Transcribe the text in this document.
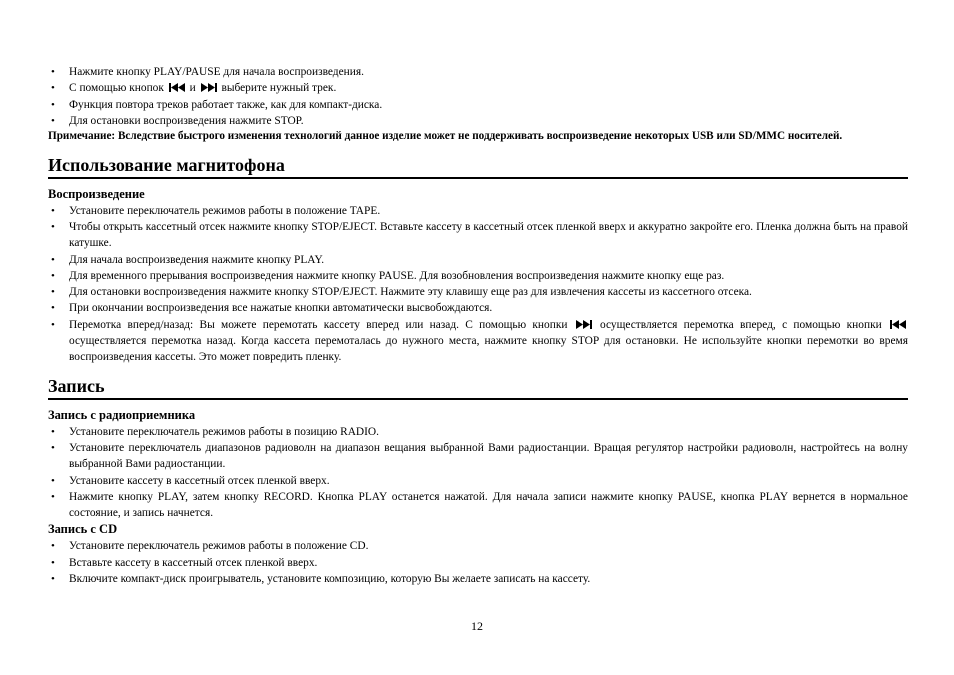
• Нажмите кнопку PLAY/PAUSE для начала воспроизведения.
• С помощью кнопок и выберите нужный трек.
• Функция повтора треков работает также, как для компакт-диска.
• Для остановки воспроизведения нажмите STOP.
Примечание: Вследствие быстрого изменения технологий данное изделие может не поддерживать воспроизведение некоторых USB или SD/MMC носителей.
Использование магнитофона
Воспроизведение
• Установите переключатель режимов работы в положение TAPE.
• Чтобы открыть кассетный отсек нажмите кнопку STOP/EJECT. Вставьте кассету в кассетный отсек пленкой вверх и аккуратно закройте его. Пленка должна быть на правой катушке.
• Для начала воспроизведения нажмите кнопку PLAY.
• Для временного прерывания воспроизведения нажмите кнопку PAUSE. Для возобновления воспроизведения нажмите кнопку еще раз.
• Для остановки воспроизведения нажмите кнопку STOP/EJECT. Нажмите эту клавишу еще раз для извлечения кассеты из кассетного отсека.
• При окончании воспроизведения все нажатые кнопки автоматически высвобождаются.
• Перемотка вперед/назад: Вы можете перемотать кассету вперед или назад. С помощью кнопки	осуществляется перемотка вперед, с помощью кнопки  осуществляется перемотка назад. Когда кассета перемоталась до нужного места, нажмите кнопку STOP для остановки. Не используйте кнопки перемотки во время воспроизведения кассеты. Это может повредить пленку.
Запись
Запись с радиоприемника
• Установите переключатель режимов работы в позицию RADIO.
• Установите переключатель диапазонов радиоволн на диапазон вещания выбранной Вами радиостанции. Вращая регулятор настройки радиоволн, настройтесь на волну выбранной Вами радиостанции.
• Установите кассету в кассетный отсек пленкой вверх.
• Нажмите кнопку PLAY, затем кнопку RECORD. Кнопка PLAY останется нажатой. Для начала записи нажмите кнопку PAUSE, кнопка PLAY вернется в нормальное состояние, и запись начнется.
Запись с CD
• Установите переключатель режимов работы в положение CD.
• Вставьте кассету в кассетный отсек пленкой вверх.
• Включите компакт-диск проигрыватель, установите композицию, которую Вы желаете записать на кассету.
12
